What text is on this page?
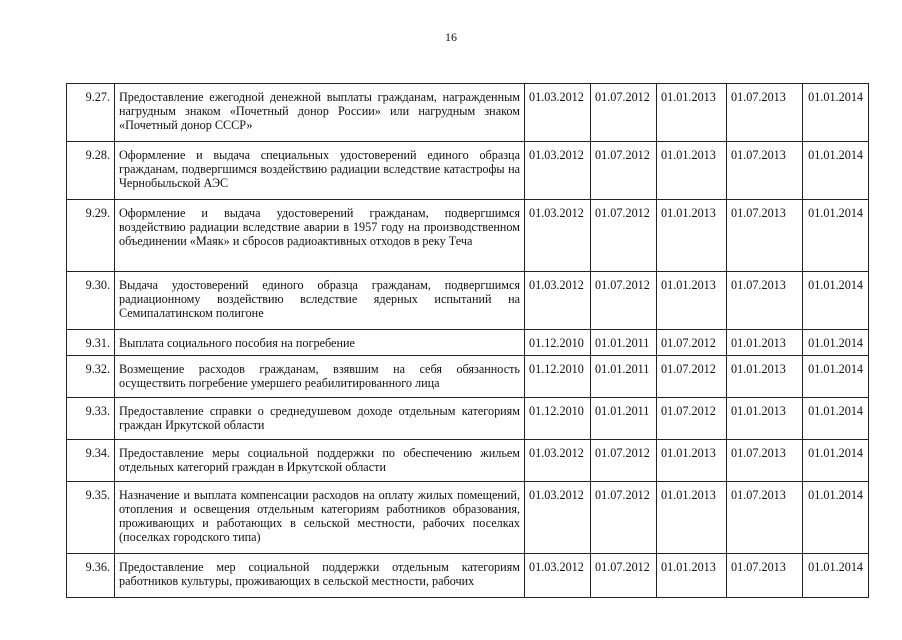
16
9.27.	Предоставление ежегодной денежной выплаты гражданам, награжденным нагрудным знаком «Почетный донор России» или нагрудным знаком «Почетный донор СССР»	01.03.2012	01.07.2012	01.01.2013	01.07.2013	01.01.2014
9.28.	Оформление и выдача специальных удостоверений единого образца гражданам, подвергшимся воздействию радиации вследствие катастрофы на Чернобыльской АЭС	01.03.2012	01.07.2012	01.01.2013	01.07.2013	01.01.2014
9.29.	Оформление и выдача удостоверений гражданам, подвергшимся воздействию радиации вследствие аварии в 1957 году на производственном объединении «Маяк» и сбросов радиоактивных отходов в реку Теча	01.03.2012	01.07.2012	01.01.2013	01.07.2013	01.01.2014
9.30.	Выдача удостоверений единого образца гражданам, подвергшимся радиационному воздействию вследствие ядерных испытаний на Семипалатинском полигоне	01.03.2012	01.07.2012	01.01.2013	01.07.2013	01.01.2014
9.31.	Выплата социального пособия на погребение	01.12.2010	01.01.2011	01.07.2012	01.01.2013	01.01.2014
9.32.	Возмещение расходов гражданам, взявшим на себя обязанность осуществить погребение умершего реабилитированного лица	01.12.2010	01.01.2011	01.07.2012	01.01.2013	01.01.2014
9.33.	Предоставление справки о среднедушевом доходе отдельным категориям граждан Иркутской области	01.12.2010	01.01.2011	01.07.2012	01.01.2013	01.01.2014
9.34.	Предоставление меры социальной поддержки по обеспечению жильем отдельных категорий граждан в Иркутской области	01.03.2012	01.07.2012	01.01.2013	01.07.2013	01.01.2014
9.35.	Назначение и выплата компенсации расходов на оплату жилых помещений, отопления и освещения отдельным категориям работников образования, проживающих и работающих в сельской местности, рабочих поселках (поселках городского типа)	01.03.2012	01.07.2012	01.01.2013	01.07.2013	01.01.2014
9.36.	Предоставление мер социальной поддержки отдельным категориям работников культуры, проживающих в сельской местности, рабочих	01.03.2012	01.07.2012	01.01.2013	01.07.2013	01.01.2014
